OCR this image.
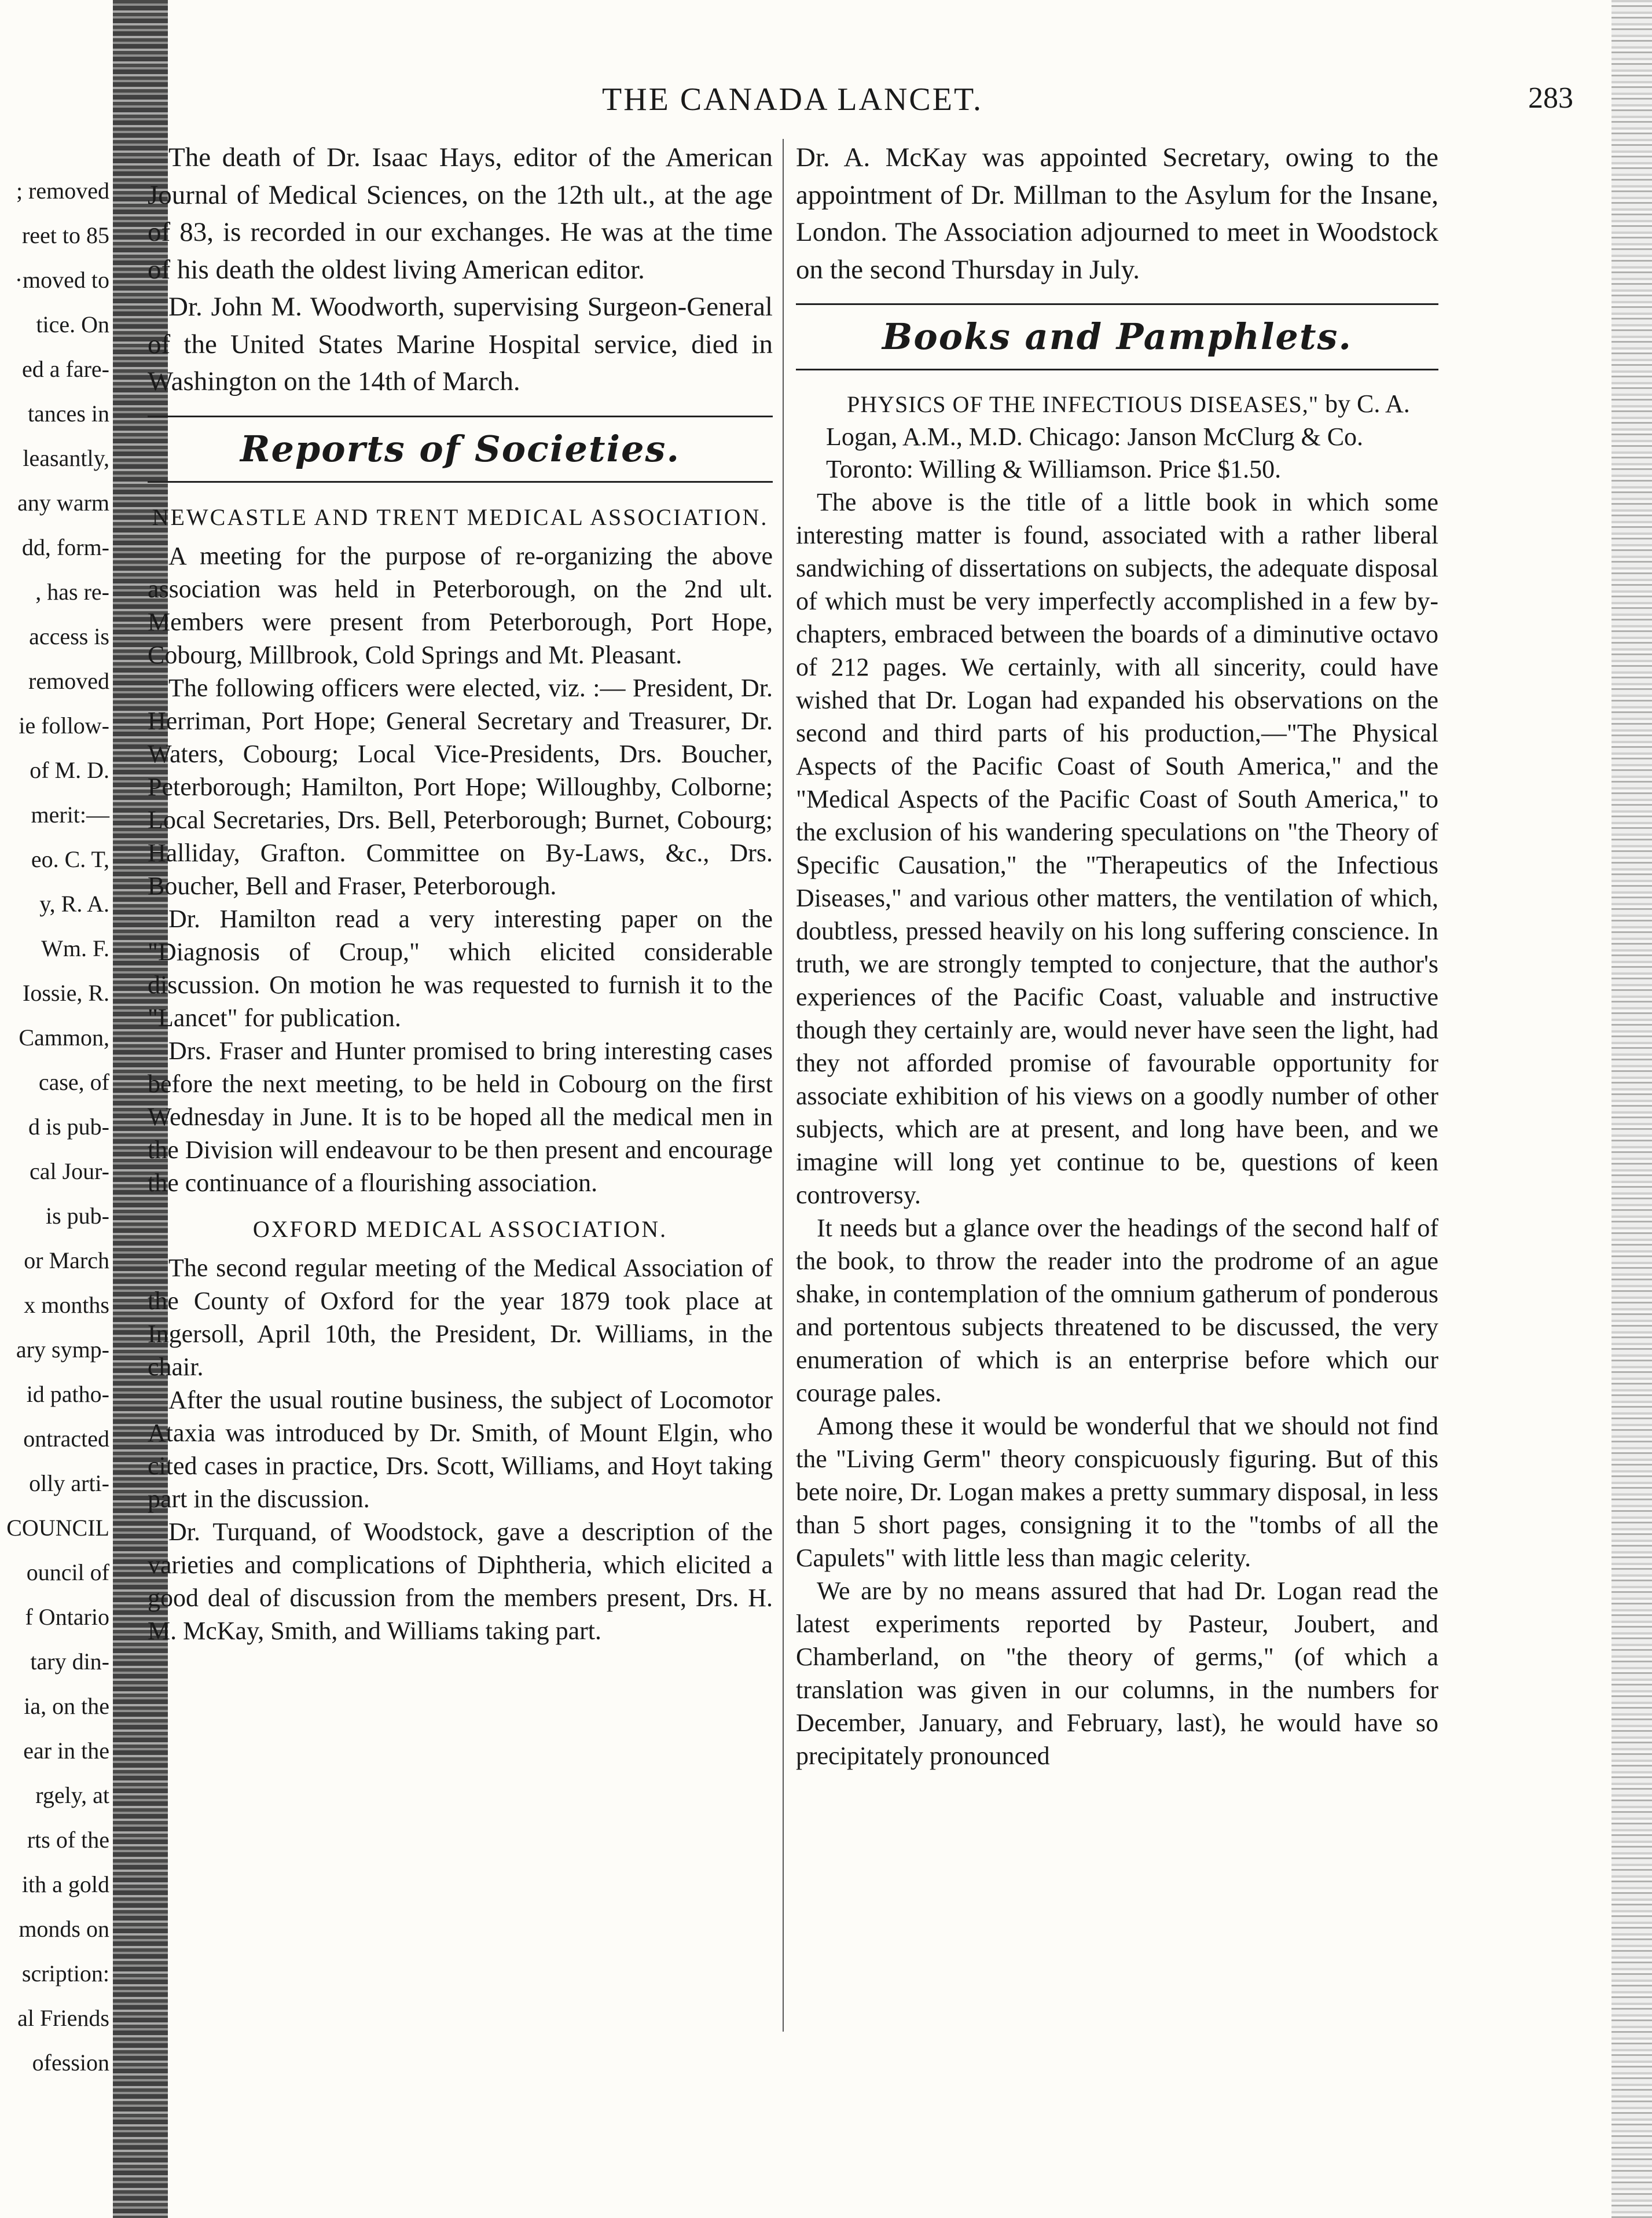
; removed
reet to 85
·moved to
tice. On
ed a fare-
tances in
leasantly,
any warm
dd, form-
, has re-
access is
removed
ie follow-
of M. D.
merit:—
eo. C. T,
y, R. A.
Wm. F.
Iossie, R.
Cammon,
case, of
d is pub-
cal Jour-
is pub-
or March
x months
ary symp-
id patho-
ontracted
olly arti-
COUNCIL
ouncil of
f Ontario
tary din-
ia, on the
ear in the
rgely, at
rts of the
ith a gold
monds on
scription:
al Friends
ofession
THE CANADA LANCET.	283

The death of Dr. Isaac Hays, editor of the American Journal of Medical Sciences, on the 12th ult., at the age of 83, is recorded in our exchanges. He was at the time of his death the oldest living American editor.

Dr. John M. Woodworth, supervising Surgeon-General of the United States Marine Hospital service, died in Washington on the 14th of March.

Reports of Societies.
NEWCASTLE AND TRENT MEDICAL ASSOCIATION.

A meeting for the purpose of re-organizing the above association was held in Peterborough, on the 2nd ult. Members were present from Peterborough, Port Hope, Cobourg, Millbrook, Cold Springs and Mt. Pleasant.

The following officers were elected, viz. :— President, Dr. Herriman, Port Hope; General Secretary and Treasurer, Dr. Waters, Cobourg; Local Vice-Presidents, Drs. Boucher, Peterborough; Hamilton, Port Hope; Willoughby, Colborne; Local Secretaries, Drs. Bell, Peterborough; Burnet, Cobourg; Halliday, Grafton. Committee on By-Laws, &c., Drs. Boucher, Bell and Fraser, Peterborough.

Dr. Hamilton read a very interesting paper on the "Diagnosis of Croup," which elicited considerable discussion. On motion he was requested to furnish it to the "Lancet" for publication.

Drs. Fraser and Hunter promised to bring interesting cases before the next meeting, to be held in Cobourg on the first Wednesday in June. It is to be hoped all the medical men in the Division will endeavour to be then present and encourage the continuance of a flourishing association.

OXFORD MEDICAL ASSOCIATION.

The second regular meeting of the Medical Association of the County of Oxford for the year 1879 took place at Ingersoll, April 10th, the President, Dr. Williams, in the chair.

After the usual routine business, the subject of Locomotor Ataxia was introduced by Dr. Smith, of Mount Elgin, who cited cases in practice, Drs. Scott, Williams, and Hoyt taking part in the discussion.

Dr. Turquand, of Woodstock, gave a description of the varieties and complications of Diphtheria, which elicited a good deal of discussion from the members present, Drs. H. M. McKay, Smith, and Williams taking part.

Dr. A. McKay was appointed Secretary, owing to the appointment of Dr. Millman to the Asylum for the Insane, London. The Association adjourned to meet in Woodstock on the second Thursday in July.

Books and Pamphlets.

PHYSICS OF THE INFECTIOUS DISEASES," by C. A. Logan, A.M., M.D. Chicago: Janson McClurg & Co. Toronto: Willing & Williamson. Price $1.50.

The above is the title of a little book in which some interesting matter is found, associated with a rather liberal sandwiching of dissertations on subjects, the adequate disposal of which must be very imperfectly accomplished in a few by-chapters, embraced between the boards of a diminutive octavo of 212 pages. We certainly, with all sincerity, could have wished that Dr. Logan had expanded his observations on the second and third parts of his production,—"The Physical Aspects of the Pacific Coast of South America," and the "Medical Aspects of the Pacific Coast of South America," to the exclusion of his wandering speculations on "the Theory of Specific Causation," the "Therapeutics of the Infectious Diseases," and various other matters, the ventilation of which, doubtless, pressed heavily on his long suffering conscience. In truth, we are strongly tempted to conjecture, that the author's experiences of the Pacific Coast, valuable and instructive though they certainly are, would never have seen the light, had they not afforded promise of favourable opportunity for associate exhibition of his views on a goodly number of other subjects, which are at present, and long have been, and we imagine will long yet continue to be, questions of keen controversy.

It needs but a glance over the headings of the second half of the book, to throw the reader into the prodrome of an ague shake, in contemplation of the omnium gatherum of ponderous and portentous subjects threatened to be discussed, the very enumeration of which is an enterprise before which our courage pales.

Among these it would be wonderful that we should not find the "Living Germ" theory conspicuously figuring. But of this bete noire, Dr. Logan makes a pretty summary disposal, in less than 5 short pages, consigning it to the "tombs of all the Capulets" with little less than magic celerity.

We are by no means assured that had Dr. Logan read the latest experiments reported by Pasteur, Joubert, and Chamberland, on "the theory of germs," (of which a translation was given in our columns, in the numbers for December, January, and February, last), he would have so precipitately pronounced
